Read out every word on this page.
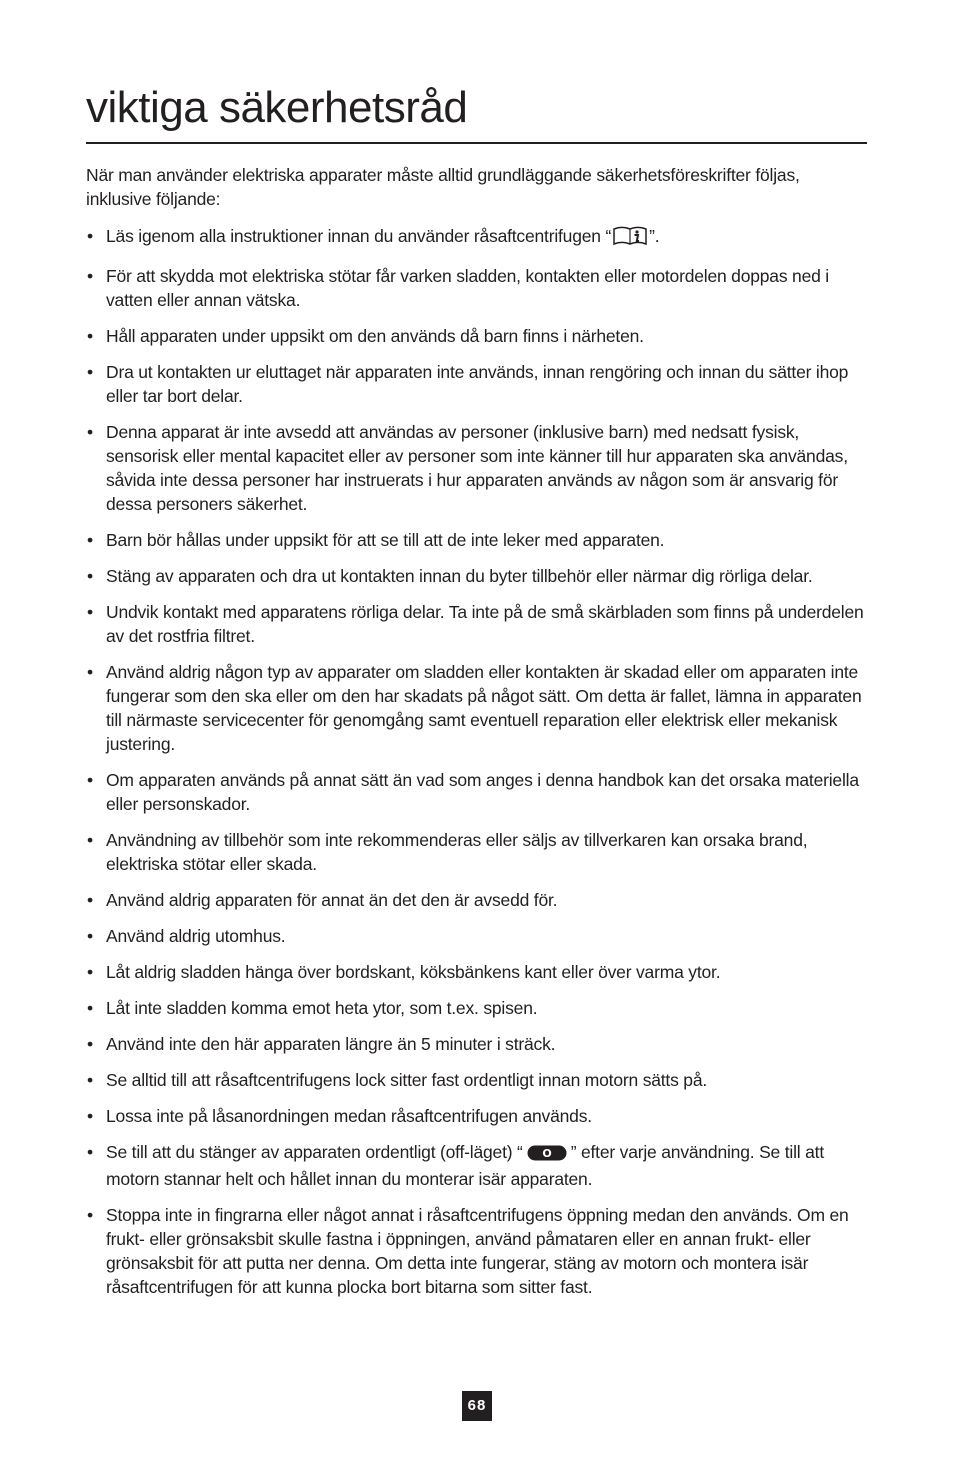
viktiga säkerhetsråd

När man använder elektriska apparater måste alltid grundläggande säkerhetsföreskrifter följas, inklusive följande:

• Läs igenom alla instruktioner innan du använder råsaftcentrifugen “ ”.
• För att skydda mot elektriska stötar får varken sladden, kontakten eller motordelen doppas ned i vatten eller annan vätska.
• Håll apparaten under uppsikt om den används då barn finns i närheten.
• Dra ut kontakten ur eluttaget när apparaten inte används, innan rengöring och innan du sätter ihop eller tar bort delar.
• Denna apparat är inte avsedd att användas av personer (inklusive barn) med nedsatt fysisk, sensorisk eller mental kapacitet eller av personer som inte känner till hur apparaten ska användas, såvida inte dessa personer har instruerats i hur apparaten används av någon som är ansvarig för dessa personers säkerhet.
• Barn bör hållas under uppsikt för att se till att de inte leker med apparaten.
• Stäng av apparaten och dra ut kontakten innan du byter tillbehör eller närmar dig rörliga delar.
• Undvik kontakt med apparatens rörliga delar. Ta inte på de små skärbladen som finns på underdelen av det rostfria filtret.
• Använd aldrig någon typ av apparater om sladden eller kontakten är skadad eller om apparaten inte fungerar som den ska eller om den har skadats på något sätt. Om detta är fallet, lämna in apparaten till närmaste servicecenter för genomgång samt eventuell reparation eller elektrisk eller mekanisk justering.
• Om apparaten används på annat sätt än vad som anges i denna handbok kan det orsaka materiella eller personskador.
• Användning av tillbehör som inte rekommenderas eller säljs av tillverkaren kan orsaka brand, elektriska stötar eller skada.
• Använd aldrig apparaten för annat än det den är avsedd för.
• Använd aldrig utomhus.
• Låt aldrig sladden hänga över bordskant, köksbänkens kant eller över varma ytor.
• Låt inte sladden komma emot heta ytor, som t.ex. spisen.
• Använd inte den här apparaten längre än 5 minuter i sträck.
• Se alltid till att råsaftcentrifugens lock sitter fast ordentligt innan motorn sätts på.
• Lossa inte på låsanordningen medan råsaftcentrifugen används.
• Se till att du stänger av apparaten ordentligt (off-läget) “ O ” efter varje användning. Se till att motorn stannar helt och hållet innan du monterar isär apparaten.
• Stoppa inte in fingrarna eller något annat i råsaftcentrifugens öppning medan den används. Om en frukt- eller grönsaksbit skulle fastna i öppningen, använd påmataren eller en annan frukt- eller grönsaksbit för att putta ner denna. Om detta inte fungerar, stäng av motorn och montera isär råsaftcentrifugen för att kunna plocka bort bitarna som sitter fast.
68
